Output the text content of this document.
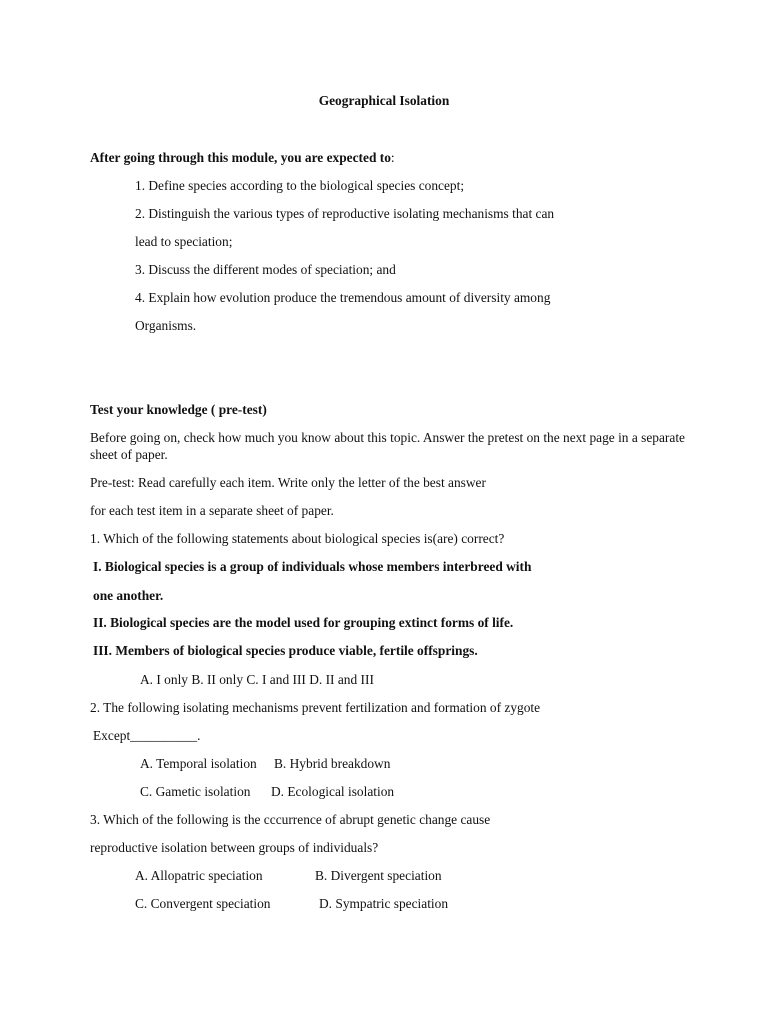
Geographical Isolation
After going through this module, you are expected to:
1. Define species according to the biological species concept;
2. Distinguish the various types of reproductive isolating mechanisms that can
lead to speciation;
3. Discuss the different modes of speciation; and
4. Explain how evolution produce the tremendous amount of diversity among
Organisms.
Test your knowledge ( pre-test)
Before going on, check how much you know about this topic. Answer the pretest on the next page in a separate sheet of paper.
Pre-test: Read carefully each item. Write only the letter of the best answer
for each test item in a separate sheet of paper.
1. Which of the following statements about biological species is(are) correct?
I. Biological species is a group of individuals whose members interbreed with
one another.
II. Biological species are the model used for grouping extinct forms of life.
III. Members of biological species produce viable, fertile offsprings.
A. I only B. II only C. I and III D. II and III
2. The following isolating mechanisms prevent fertilization and formation of zygote
Except__________.
A. Temporal isolation B. Hybrid breakdown
C. Gametic isolation D. Ecological isolation
3. Which of the following is the cccurrence of abrupt genetic change cause
reproductive isolation between groups of individuals?
A. Allopatric speciation	B. Divergent speciation
C. Convergent speciation	D. Sympatric speciation
